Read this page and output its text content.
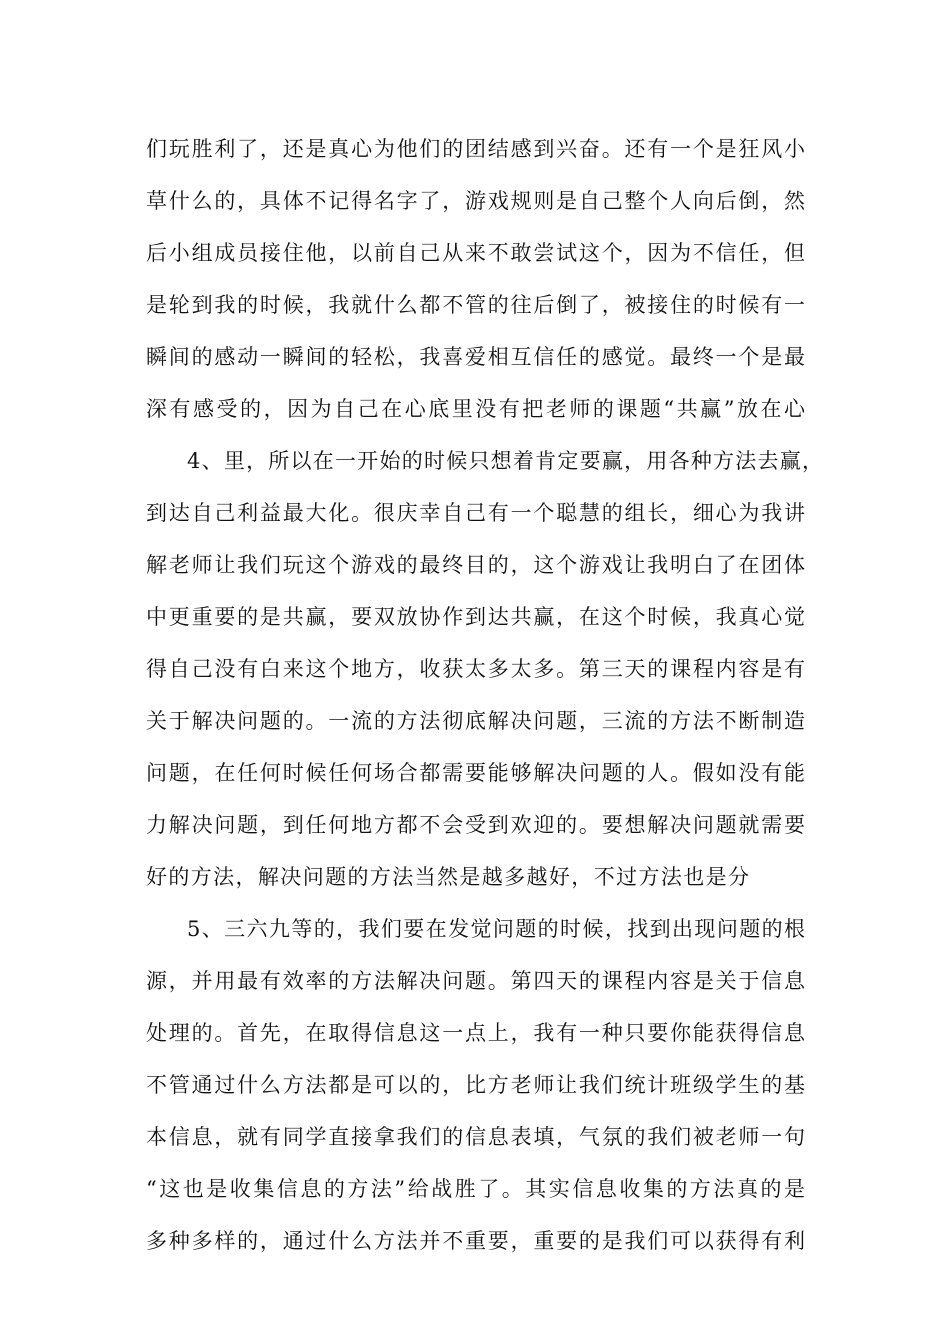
们玩胜利了，还是真心为他们的团结感到兴奋。还有一个是狂风小
草什么的，具体不记得名字了，游戏规则是自己整个人向后倒，然
后小组成员接住他，以前自己从来不敢尝试这个，因为不信任，但
是轮到我的时候，我就什么都不管的往后倒了，被接住的时候有一
瞬间的感动一瞬间的轻松，我喜爱相互信任的感觉。最终一个是最
深有感受的，因为自己在心底里没有把老师的课题“共赢”放在心
4、里，所以在一开始的时候只想着肯定要赢，用各种方法去赢，
到达自己利益最大化。很庆幸自己有一个聪慧的组长，细心为我讲
解老师让我们玩这个游戏的最终目的，这个游戏让我明白了在团体
中更重要的是共赢，要双放协作到达共赢，在这个时候，我真心觉
得自己没有白来这个地方，收获太多太多。第三天的课程内容是有
关于解决问题的。一流的方法彻底解决问题，三流的方法不断制造
问题，在任何时候任何场合都需要能够解决问题的人。假如没有能
力解决问题，到任何地方都不会受到欢迎的。要想解决问题就需要
好的方法，解决问题的方法当然是越多越好，不过方法也是分
5、三六九等的，我们要在发觉问题的时候，找到出现问题的根
源，并用最有效率的方法解决问题。第四天的课程内容是关于信息
处理的。首先，在取得信息这一点上，我有一种只要你能获得信息
不管通过什么方法都是可以的，比方老师让我们统计班级学生的基
本信息，就有同学直接拿我们的信息表填，气氛的我们被老师一句
“这也是收集信息的方法”给战胜了。其实信息收集的方法真的是
多种多样的，通过什么方法并不重要，重要的是我们可以获得有利
